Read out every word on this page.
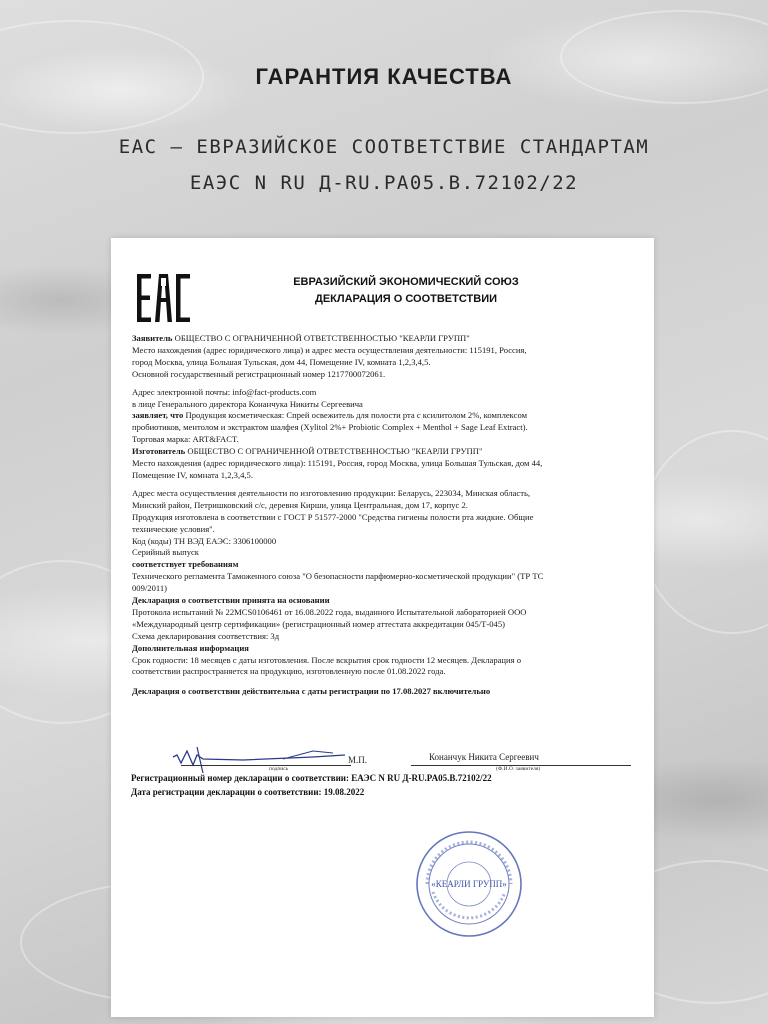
ГАРАНТИЯ КАЧЕСТВА
EAC – ЕВРАЗИЙСКОЕ СООТВЕТСТВИЕ СТАНДАРТАМ
ЕАЭС N RU Д-RU.PA05.B.72102/22
ЕВРАЗИЙСКИЙ ЭКОНОМИЧЕСКИЙ СОЮЗ
ДЕКЛАРАЦИЯ О СООТВЕТСТВИИ
Заявитель ОБЩЕСТВО С ОГРАНИЧЕННОЙ ОТВЕТСТВЕННОСТЬЮ "КЕАРЛИ ГРУПП"
Место нахождения (адрес юридического лица) и адрес места осуществления деятельности: 115191, Россия,
город Москва, улица Большая Тульская, дом 44, Помещение IV, комната 1,2,3,4,5.
Основной государственный регистрационный номер 1217700072061.
Адрес электронной почты: info@fact-products.com
в лице Генерального директора Конанчука Никиты Сергеевича
заявляет, что Продукция косметическая: Спрей освежитель для полости рта с ксилитолом 2%, комплексом
пробиотиков, ментолом и экстрактом шалфея (Xylitol 2%+ Probiotic Complex + Menthol + Sage Leaf Extract).
Торговая марка: ART&FACT.
Изготовитель ОБЩЕСТВО С ОГРАНИЧЕННОЙ ОТВЕТСТВЕННОСТЬЮ "КЕАРЛИ ГРУПП"
Место нахождения (адрес юридического лица): 115191, Россия, город Москва, улица Большая Тульская, дом 44,
Помещение IV, комната 1,2,3,4,5.
Адрес места осуществления деятельности по изготовлению продукции: Беларусь, 223034, Минская область,
Минский район, Петришковский с/с, деревня Кирши, улица Центральная, дом 17, корпус 2.
Продукция изготовлена в соответствии с ГОСТ Р 51577-2000 "Средства гигиены полости рта жидкие. Общие
технические условия".
Код (коды) ТН ВЭД ЕАЭС: 3306100000
Серийный выпуск
соответствует требованиям
Технического регламента Таможенного союза "О безопасности парфюмерно-косметической продукции" (ТР ТС
009/2011)
Декларация о соответствии принята на основании
Протокола испытаний № 22MCS0106461 от 16.08.2022 года, выданного Испытательной лабораторией ООО
«Международный центр сертификации» (регистрационный номер аттестата аккредитации 045/Т-045)
Схема декларирования соответствия: 3д
Дополнительная информация
Срок годности: 18 месяцев с даты изготовления. После вскрытия срок годности 12 месяцев. Декларация о
соответствии распространяется на продукцию, изготовленную после 01.08.2022 года.
Декларация о соответствии действительна с даты регистрации по 17.08.2027 включительно
подпись
М.П.	Конанчук Никита Сергеевич
(Ф.И.О. заявителя)
Регистрационный номер декларации о соответствии: ЕАЭС N RU Д-RU.PA05.B.72102/22
Дата регистрации декларации о соответствии: 19.08.2022
«КЕАРЛИ ГРУПП»
